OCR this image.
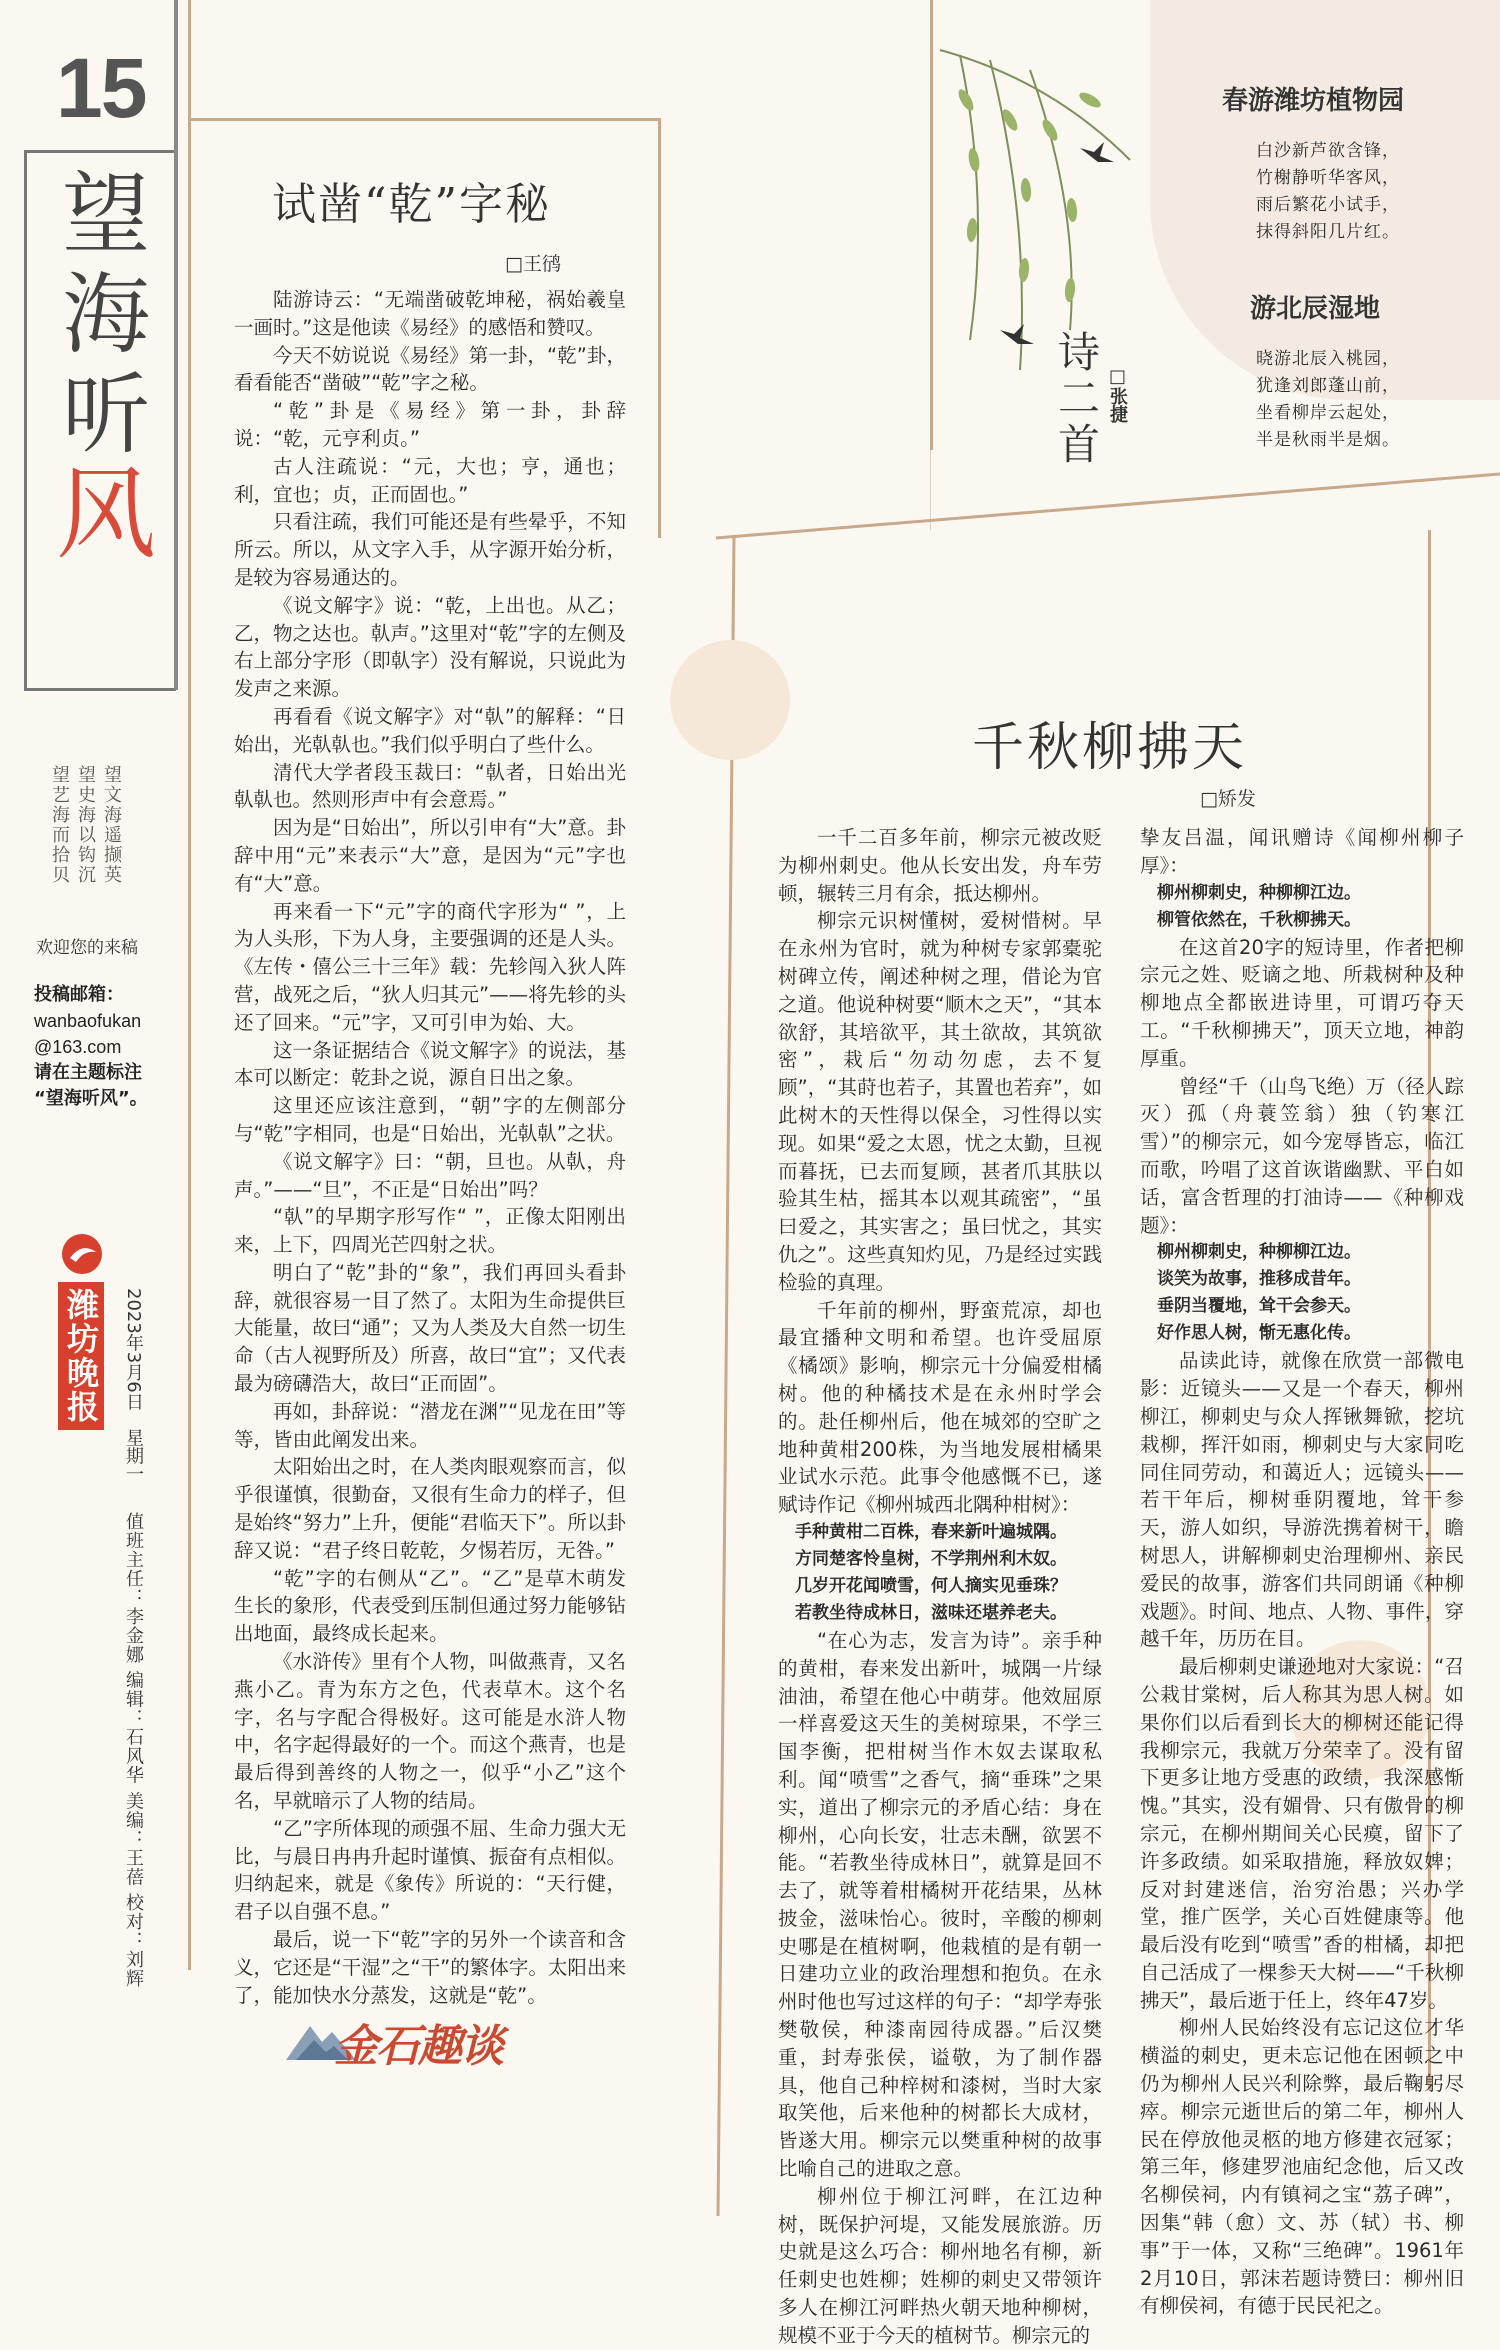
15
望
海
听
风
望文海遥撷英
望史海以钩沉
望艺海而拾贝
欢迎您的来稿
投稿邮箱：
wanbaofukan
@163.com
请在主题标注
“望海听风”。
潍坊晚报 2023年3月6日　星期一
值班主任：李金娜 编辑：石风华 美编：王蓓 校对：刘辉
试凿“乾”字秘
□王鸻

陆游诗云：“无端凿破乾坤秘，祸始羲皇一画时。”这是他读《易经》的感悟和赞叹。

今天不妨说说《易经》第一卦，“乾”卦，看看能否“凿破”“乾”字之秘。

“乾”卦是《易经》第一卦，卦辞说：“乾，元亨利贞。”

古人注疏说：“元，大也；亨，通也；利，宜也；贞，正而固也。”

只看注疏，我们可能还是有些晕乎，不知所云。所以，从文字入手，从字源开始分析，是较为容易通达的。

《说文解字》说：“乾，上出也。从乙；乙，物之达也。倝声。”这里对“乾”字的左侧及右上部分字形（即倝字）没有解说，只说此为发声之来源。

再看看《说文解字》对“倝”的解释：“日始出，光倝倝也。”我们似乎明白了些什么。

清代大学者段玉裁曰：“倝者，日始出光倝倝也。然则形声中有会意焉。”

因为是“日始出”，所以引申有“大”意。卦辞中用“元”来表示“大”意，是因为“元”字也有“大”意。

再来看一下“元”字的商代字形为“ ”，上为人头形，下为人身，主要强调的还是人头。《左传・僖公三十三年》载：先轸闯入狄人阵营，战死之后，“狄人归其元”——将先轸的头还了回来。“元”字，又可引申为始、大。

这一条证据结合《说文解字》的说法，基本可以断定：乾卦之说，源自日出之象。

这里还应该注意到，“朝”字的左侧部分与“乾”字相同，也是“日始出，光倝倝”之状。

《说文解字》曰：“朝，旦也。从倝，舟声。”——“旦”，不正是“日始出”吗？

“倝”的早期字形写作“ ”，正像太阳刚出来，上下，四周光芒四射之状。

明白了“乾”卦的“象”，我们再回头看卦辞，就很容易一目了然了。太阳为生命提供巨大能量，故曰“通”；又为人类及大自然一切生命（古人视野所及）所喜，故曰“宜”；又代表最为磅礴浩大，故曰“正而固”。

再如，卦辞说：“潜龙在渊”“见龙在田”等等，皆由此阐发出来。

太阳始出之时，在人类肉眼观察而言，似乎很谨慎，很勤奋，又很有生命力的样子，但是始终“努力”上升，便能“君临天下”。所以卦辞又说：“君子终日乾乾，夕惕若厉，无咎。”

“乾”字的右侧从“乙”。“乙”是草木萌发生长的象形，代表受到压制但通过努力能够钻出地面，最终成长起来。

《水浒传》里有个人物，叫做燕青，又名燕小乙。青为东方之色，代表草木。这个名字，名与字配合得极好。这可能是水浒人物中，名字起得最好的一个。而这个燕青，也是最后得到善终的人物之一，似乎“小乙”这个名，早就暗示了人物的结局。

“乙”字所体现的顽强不屈、生命力强大无比，与晨日冉冉升起时谨慎、振奋有点相似。归纳起来，就是《象传》所说的：“天行健，君子以自强不息。”

最后，说一下“乾”字的另外一个读音和含义，它还是“干湿”之“干”的繁体字。太阳出来了，能加快水分蒸发，这就是“乾”。

金石趣谈
诗二首 □张捷
春游潍坊植物园
白沙新芦欲含锋，
竹榭静听华客风，
雨后繁花小试手，
抹得斜阳几片红。
游北辰湿地
晓游北辰入桃园，
犹逢刘郎蓬山前，
坐看柳岸云起处，
半是秋雨半是烟。
千秋柳拂天
□矫发

一千二百多年前，柳宗元被改贬为柳州刺史。他从长安出发，舟车劳顿，辗转三月有余，抵达柳州。

柳宗元识树懂树，爱树惜树。早在永州为官时，就为种树专家郭橐驼树碑立传，阐述种树之理，借论为官之道。他说种树要“顺木之天”，“其本欲舒，其培欲平，其土欲故，其筑欲密”，栽后“勿动勿虑，去不复顾”，“其莳也若子，其置也若弃”，如此树木的天性得以保全，习性得以实现。如果“爱之太恩，忧之太勤，旦视而暮抚，已去而复顾，甚者爪其肤以验其生枯，摇其本以观其疏密”，“虽曰爱之，其实害之；虽曰忧之，其实仇之”。这些真知灼见，乃是经过实践检验的真理。

千年前的柳州，野蛮荒凉，却也最宜播种文明和希望。也许受屈原《橘颂》影响，柳宗元十分偏爱柑橘树。他的种橘技术是在永州时学会的。赴任柳州后，他在城郊的空旷之地种黄柑200株，为当地发展柑橘果业试水示范。此事令他感慨不已，遂赋诗作记《柳州城西北隅种柑树》：

手种黄柑二百株，春来新叶遍城隅。

方同楚客怜皇树，不学荆州利木奴。

几岁开花闻喷雪，何人摘实见垂珠？

若教坐待成林日，滋味还堪养老夫。

“在心为志，发言为诗”。亲手种的黄柑，春来发出新叶，城隅一片绿油油，希望在他心中萌芽。他效屈原一样喜爱这天生的美树琼果，不学三国李衡，把柑树当作木奴去谋取私利。闻“喷雪”之香气，摘“垂珠”之果实，道出了柳宗元的矛盾心结：身在柳州，心向长安，壮志未酬，欲罢不能。“若教坐待成林日”，就算是回不去了，就等着柑橘树开花结果，丛林披金，滋味怡心。彼时，辛酸的柳刺史哪是在植树啊，他栽植的是有朝一日建功立业的政治理想和抱负。在永州时他也写过这样的句子：“却学寿张樊敬侯，种漆南园待成器。”后汉樊重，封寿张侯，谥敬，为了制作器具，他自己种梓树和漆树，当时大家取笑他，后来他种的树都长大成材，皆遂大用。柳宗元以樊重种树的故事比喻自己的进取之意。

柳州位于柳江河畔，在江边种树，既保护河堤，又能发展旅游。历史就是这么巧合：柳州地名有柳，新任刺史也姓柳；姓柳的刺史又带领许多人在柳江河畔热火朝天地种柳树，规模不亚于今天的植树节。柳宗元的

挚友吕温，闻讯赠诗《闻柳州柳子厚》：

柳州柳刺史，种柳柳江边。

柳管依然在，千秋柳拂天。

在这首20字的短诗里，作者把柳宗元之姓、贬谪之地、所栽树种及种柳地点全都嵌进诗里，可谓巧夺天工。“千秋柳拂天”，顶天立地，神韵厚重。

曾经“千（山鸟飞绝）万（径人踪灭）孤（舟蓑笠翁）独（钓寒江雪）”的柳宗元，如今宠辱皆忘，临江而歌，吟唱了这首诙谐幽默、平白如话，富含哲理的打油诗——《种柳戏题》：

柳州柳刺史，种柳柳江边。

谈笑为故事，推移成昔年。

垂阴当覆地，耸干会参天。

好作思人树，惭无惠化传。

品读此诗，就像在欣赏一部微电影：近镜头——又是一个春天，柳州柳江，柳刺史与众人挥锹舞锨，挖坑栽柳，挥汗如雨，柳刺史与大家同吃同住同劳动，和蔼近人；远镜头——若干年后，柳树垂阴覆地，耸干参天，游人如织，导游洗携着树干，瞻树思人，讲解柳刺史治理柳州、亲民爱民的故事，游客们共同朗诵《种柳戏题》。时间、地点、人物、事件，穿越千年，历历在目。

最后柳刺史谦逊地对大家说：“召公栽甘棠树，后人称其为思人树。如果你们以后看到长大的柳树还能记得我柳宗元，我就万分荣幸了。没有留下更多让地方受惠的政绩，我深感惭愧。”其实，没有媚骨、只有傲骨的柳宗元，在柳州期间关心民瘼，留下了许多政绩。如采取措施，释放奴婢；反对封建迷信，治穷治愚；兴办学堂，推广医学，关心百姓健康等。他最后没有吃到“喷雪”香的柑橘，却把自己活成了一棵参天大树——“千秋柳拂天”，最后逝于任上，终年47岁。

柳州人民始终没有忘记这位才华横溢的刺史，更未忘记他在困顿之中仍为柳州人民兴利除弊，最后鞠躬尽瘁。柳宗元逝世后的第二年，柳州人民在停放他灵柩的地方修建衣冠冢；第三年，修建罗池庙纪念他，后又改名柳侯祠，内有镇祠之宝“荔子碑”，因集“韩（愈）文、苏（轼）书、柳事”于一体，又称“三绝碑”。1961年2月10日，郭沫若题诗赞曰：柳州旧有柳侯祠，有德于民民祀之。
